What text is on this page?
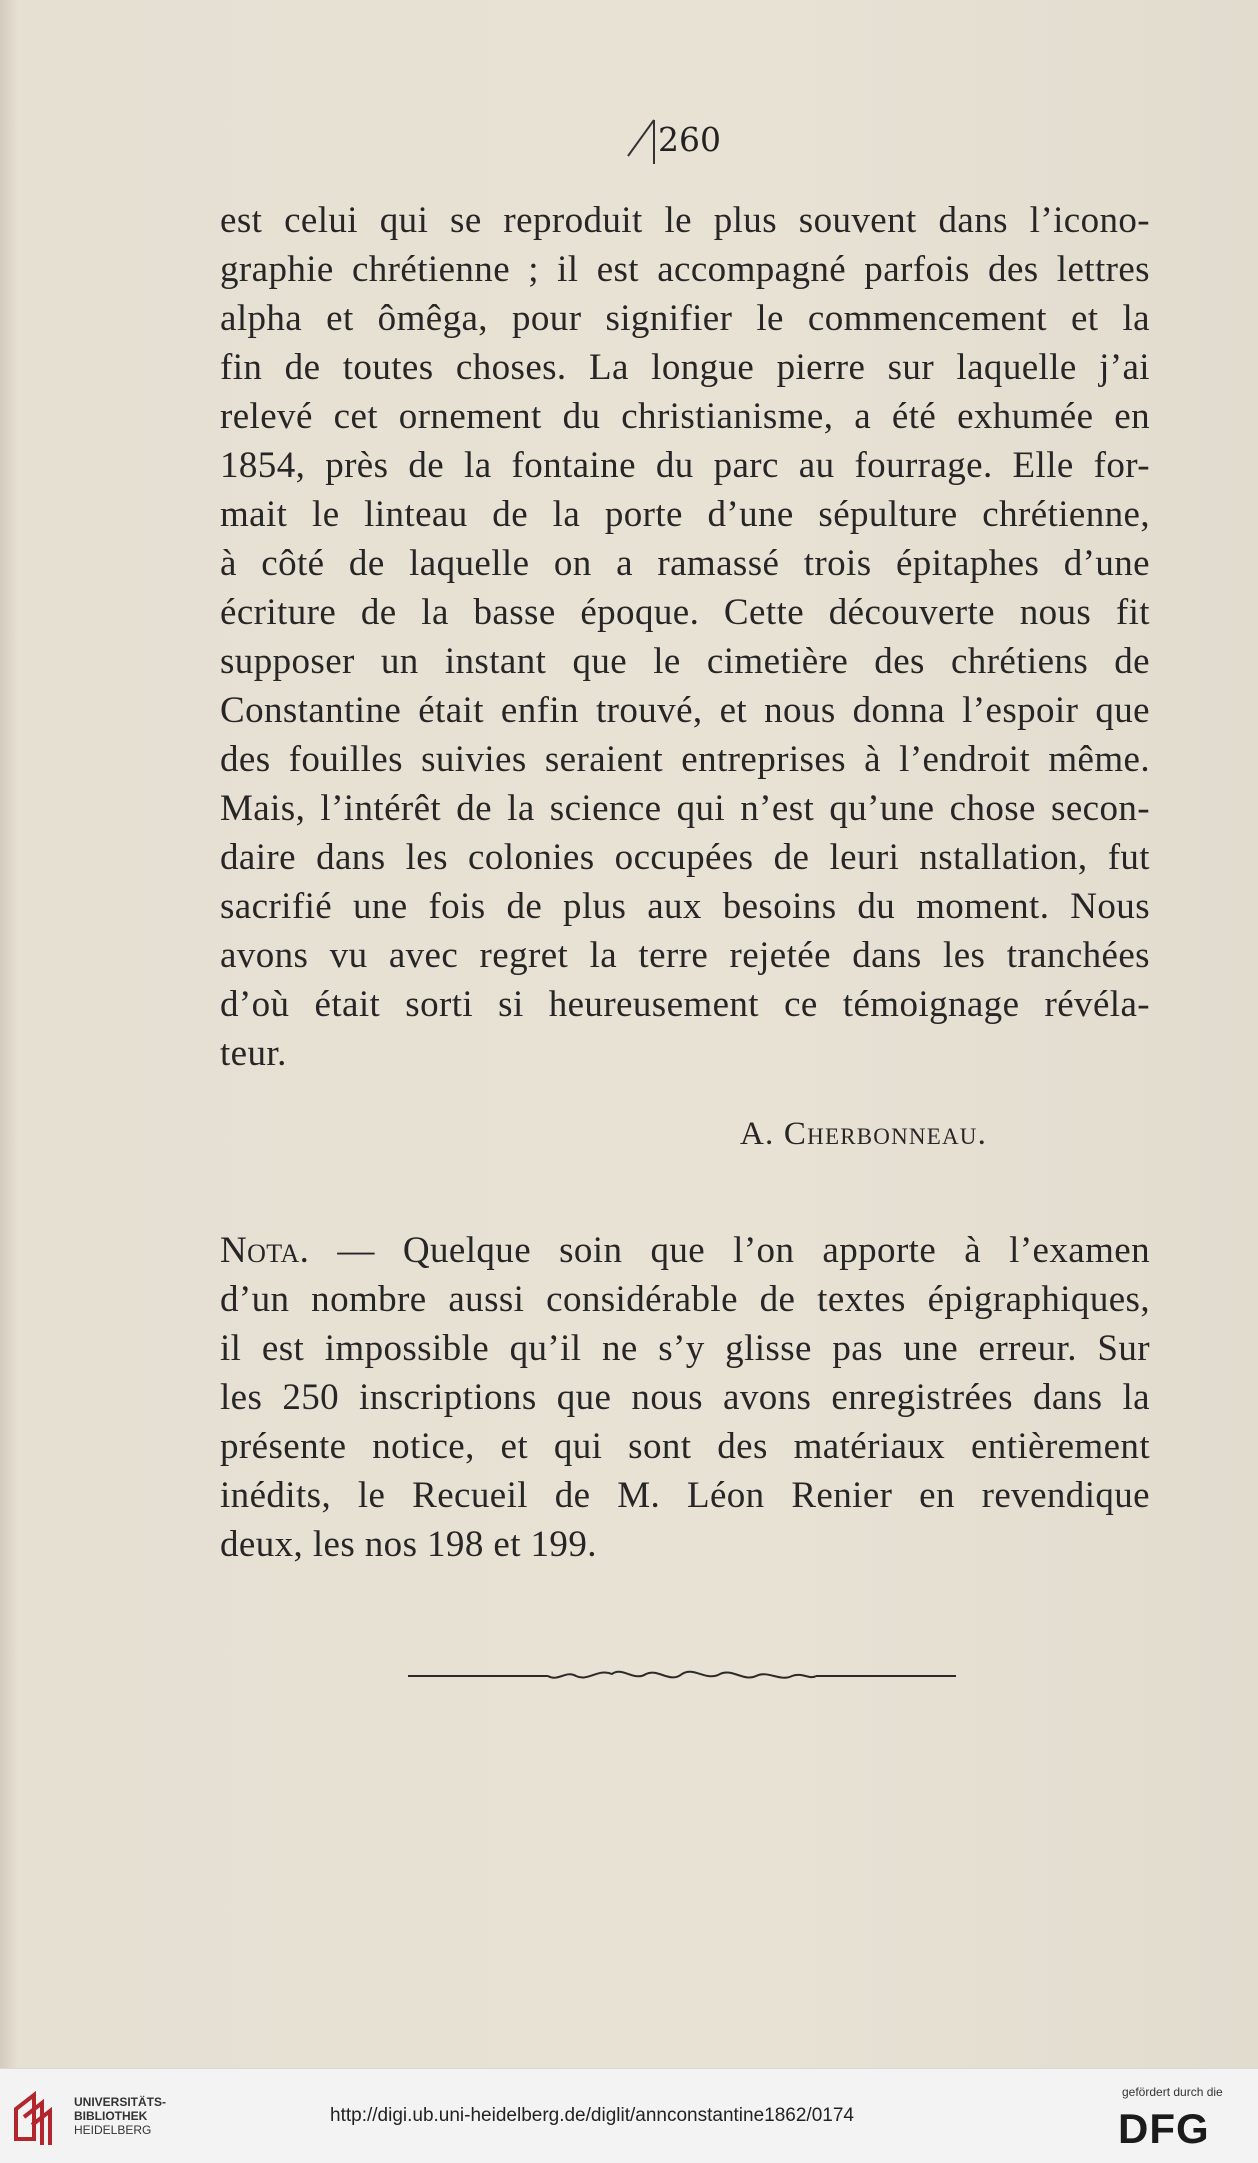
260
est celui qui se reproduit le plus souvent dans l’icono-
graphie chrétienne ; il est accompagné parfois des lettres
alpha et ômêga, pour signifier le commencement et la
fin de toutes choses. La longue pierre sur laquelle j’ai
relevé cet ornement du christianisme, a été exhumée en
1854, près de la fontaine du parc au fourrage. Elle for-
mait le linteau de la porte d’une sépulture chrétienne,
à côté de laquelle on a ramassé trois épitaphes d’une
écriture de la basse époque. Cette découverte nous fit
supposer un instant que le cimetière des chrétiens de
Constantine était enfin trouvé, et nous donna l’espoir que
des fouilles suivies seraient entreprises à l’endroit même.
Mais, l’intérêt de la science qui n’est qu’une chose secon-
daire dans les colonies occupées de leuri nstallation, fut
sacrifié une fois de plus aux besoins du moment. Nous
avons vu avec regret la terre rejetée dans les tranchées
d’où était sorti si heureusement ce témoignage révéla-
teur.
A. Cherbonneau.
Nota. — Quelque soin que l’on apporte à l’examen
d’un nombre aussi considérable de textes épigraphiques,
il est impossible qu’il ne s’y glisse pas une erreur. Sur
les 250 inscriptions que nous avons enregistrées dans la
présente notice, et qui sont des matériaux entièrement
inédits, le Recueil de M. Léon Renier en revendique
deux, les nos 198 et 199.
UNIVERSITÄTS-
BIBLIOTHEK
HEIDELBERG
http://digi.ub.uni-heidelberg.de/diglit/annconstantine1862/0174
gefördert durch die
DFG
